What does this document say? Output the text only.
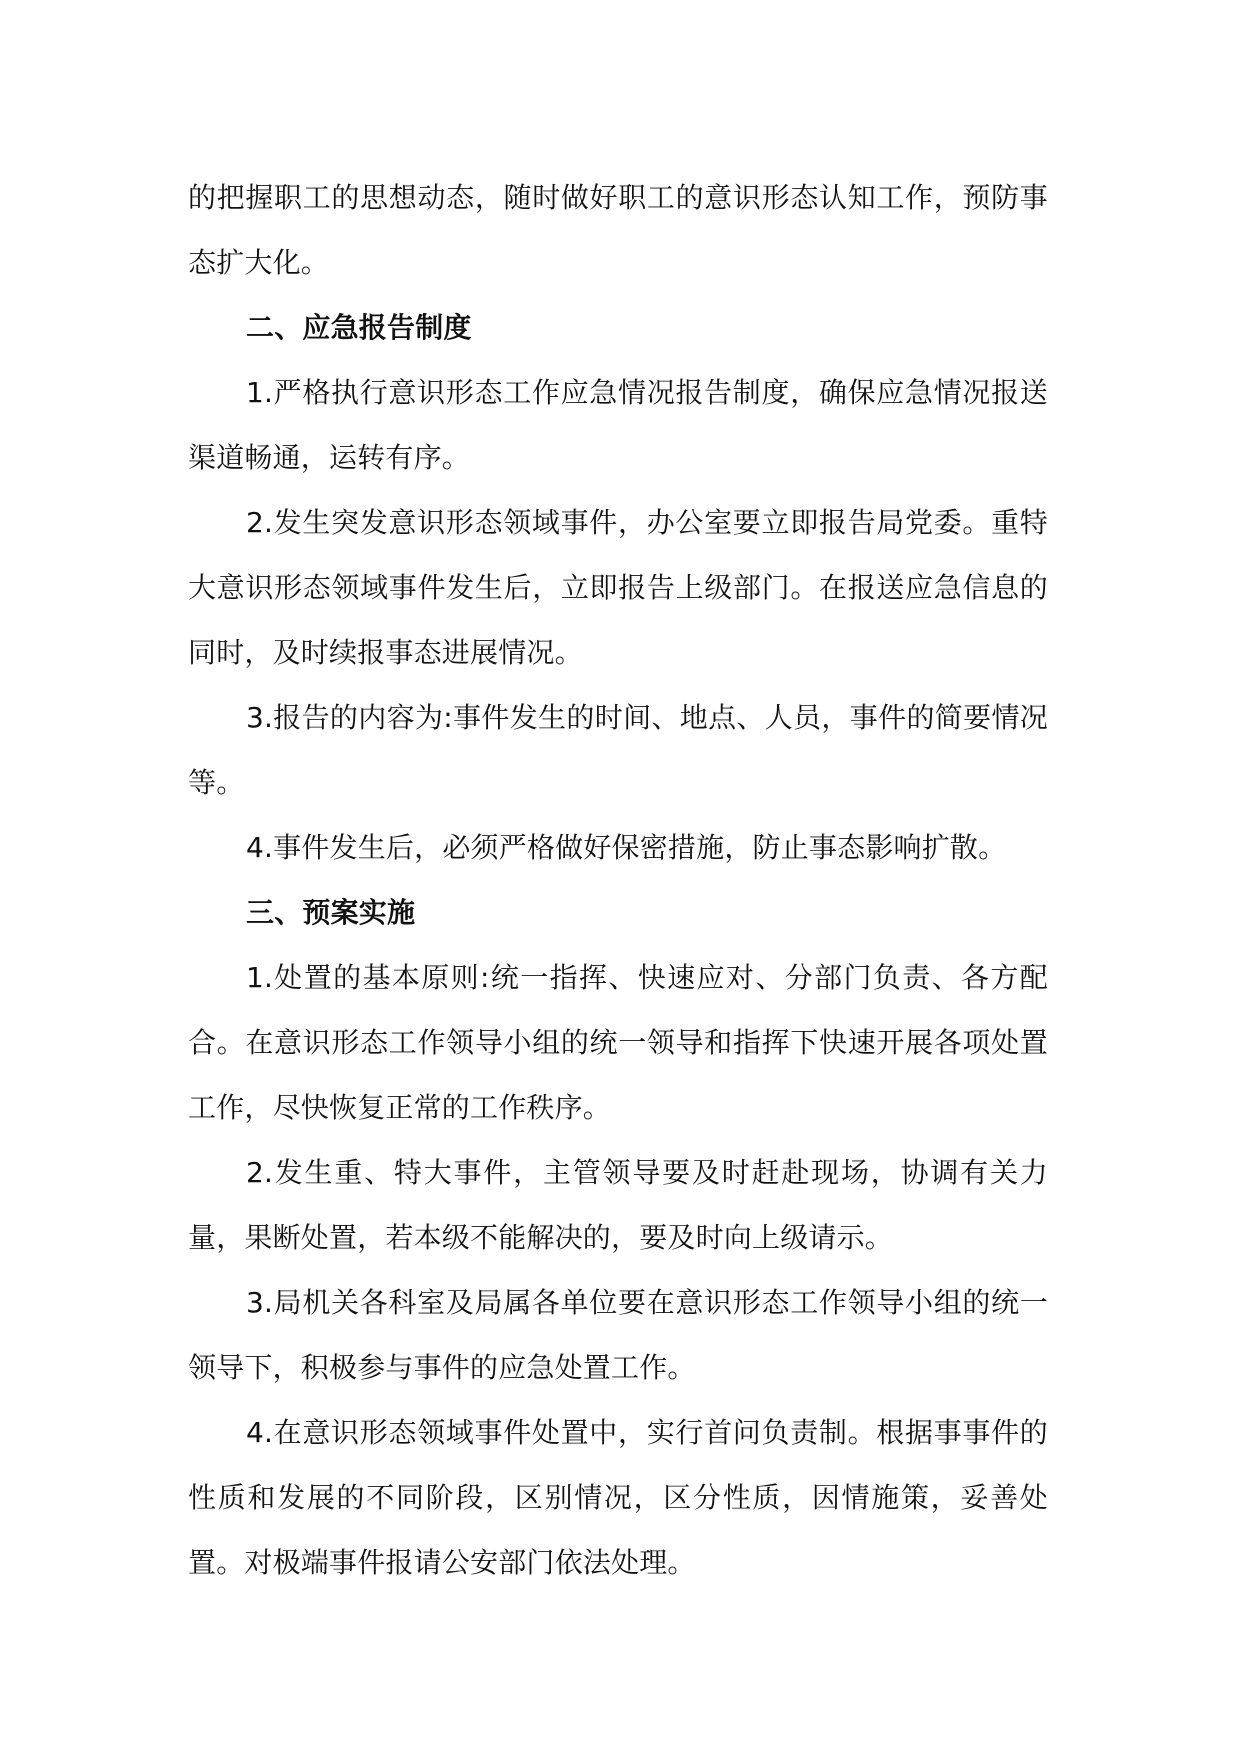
的把握职工的思想动态，随时做好职工的意识形态认知工作，预防事态扩大化。

二、应急报告制度

1.严格执行意识形态工作应急情况报告制度，确保应急情况报送渠道畅通，运转有序。

2.发生突发意识形态领域事件，办公室要立即报告局党委。重特大意识形态领域事件发生后，立即报告上级部门。在报送应急信息的同时，及时续报事态进展情况。

3.报告的内容为:事件发生的时间、地点、人员，事件的简要情况等。

4.事件发生后，必须严格做好保密措施，防止事态影响扩散。

三、预案实施

1.处置的基本原则:统一指挥、快速应对、分部门负责、各方配合。在意识形态工作领导小组的统一领导和指挥下快速开展各项处置工作，尽快恢复正常的工作秩序。

2.发生重、特大事件，主管领导要及时赶赴现场，协调有关力量，果断处置，若本级不能解决的，要及时向上级请示。

3.局机关各科室及局属各单位要在意识形态工作领导小组的统一领导下，积极参与事件的应急处置工作。

4.在意识形态领域事件处置中，实行首问负责制。根据事事件的性质和发展的不同阶段，区别情况，区分性质，因情施策，妥善处置。对极端事件报请公安部门依法处理。
